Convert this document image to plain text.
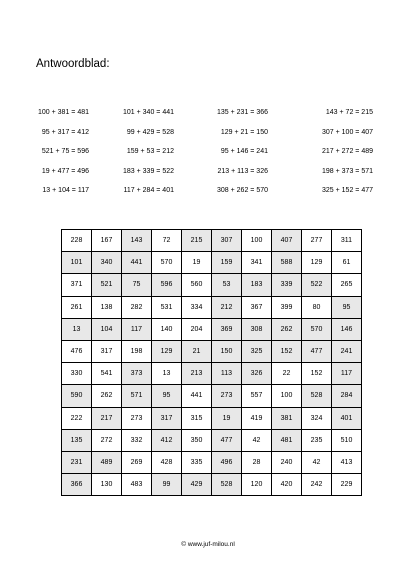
Antwoordblad:
100 + 381 = 481	101 + 340 = 441	135 + 231 = 366	143 + 72 = 215
95 + 317 = 412	99 + 429 = 528	129 + 21 = 150	307 + 100 = 407
521 + 75 = 596	159 + 53 = 212	95 + 146 = 241	217 + 272 = 489
19 + 477 = 496	183 + 339 = 522	213 + 113 = 326	198 + 373 = 571
13 + 104 = 117	117 + 284 = 401	308 + 262 = 570	325 + 152 = 477
228	167	143	72	215	307	100	407	277	311
101	340	441	570	19	159	341	588	129	61
371	521	75	596	560	53	183	339	522	265
261	138	282	531	334	212	367	399	80	95
13	104	117	140	204	369	308	262	570	146
476	317	198	129	21	150	325	152	477	241
330	541	373	13	213	113	326	22	152	117
590	262	571	95	441	273	557	100	528	284
222	217	273	317	315	19	419	381	324	401
135	272	332	412	350	477	42	481	235	510
231	489	269	428	335	496	28	240	42	413
366	130	483	99	429	528	120	420	242	229
© www.juf-milou.nl
